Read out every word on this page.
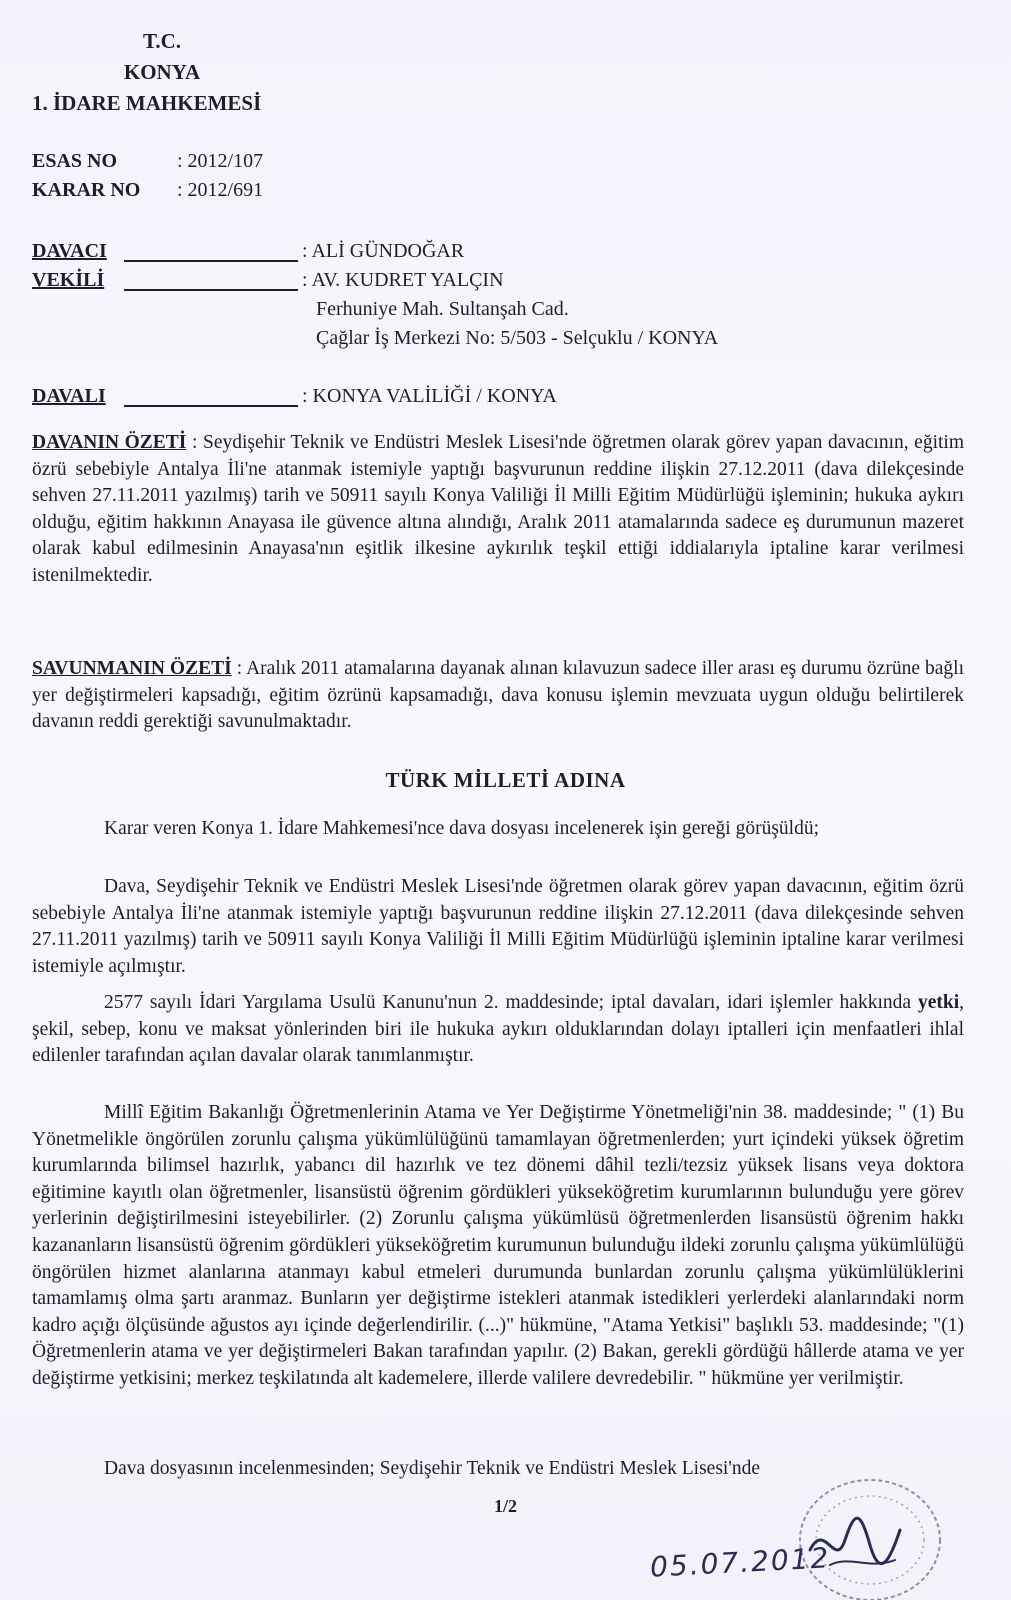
T.C.
KONYA
1. İDARE MAHKEMESİ
ESAS NO	: 2012/107
KARAR NO	: 2012/691
DAVACI	: ALİ GÜNDOĞAR
VEKİLİ	: AV. KUDRET YALÇIN
Ferhuniye Mah. Sultanşah Cad.
Çağlar İş Merkezi No: 5/503 - Selçuklu / KONYA
DAVALI	: KONYA VALİLİĞİ / KONYA

DAVANIN ÖZETİ : Seydişehir Teknik ve Endüstri Meslek Lisesi'nde öğretmen olarak görev yapan davacının, eğitim özrü sebebiyle Antalya İli'ne atanmak istemiyle yaptığı başvurunun reddine ilişkin 27.12.2011 (dava dilekçesinde sehven 27.11.2011 yazılmış) tarih ve 50911 sayılı Konya Valiliği İl Milli Eğitim Müdürlüğü işleminin; hukuka aykırı olduğu, eğitim hakkının Anayasa ile güvence altına alındığı, Aralık 2011 atamalarında sadece eş durumunun mazeret olarak kabul edilmesinin Anayasa'nın eşitlik ilkesine aykırılık teşkil ettiği iddialarıyla iptaline karar verilmesi istenilmektedir.

SAVUNMANIN ÖZETİ : Aralık 2011 atamalarına dayanak alınan kılavuzun sadece iller arası eş durumu özrüne bağlı yer değiştirmeleri kapsadığı, eğitim özrünü kapsamadığı, dava konusu işlemin mevzuata uygun olduğu belirtilerek davanın reddi gerektiği savunulmaktadır.

TÜRK MİLLETİ ADINA

Karar veren Konya 1. İdare Mahkemesi'nce dava dosyası incelenerek işin gereği görüşüldü;

Dava, Seydişehir Teknik ve Endüstri Meslek Lisesi'nde öğretmen olarak görev yapan davacının, eğitim özrü sebebiyle Antalya İli'ne atanmak istemiyle yaptığı başvurunun reddine ilişkin 27.12.2011 (dava dilekçesinde sehven 27.11.2011 yazılmış) tarih ve 50911 sayılı Konya Valiliği İl Milli Eğitim Müdürlüğü işleminin iptaline karar verilmesi istemiyle açılmıştır.

2577 sayılı İdari Yargılama Usulü Kanunu'nun 2. maddesinde; iptal davaları, idari işlemler hakkında yetki, şekil, sebep, konu ve maksat yönlerinden biri ile hukuka aykırı olduklarından dolayı iptalleri için menfaatleri ihlal edilenler tarafından açılan davalar olarak tanımlanmıştır.

Millî Eğitim Bakanlığı Öğretmenlerinin Atama ve Yer Değiştirme Yönetmeliği'nin 38. maddesinde; " (1) Bu Yönetmelikle öngörülen zorunlu çalışma yükümlülüğünü tamamlayan öğretmenlerden; yurt içindeki yüksek öğretim kurumlarında bilimsel hazırlık, yabancı dil hazırlık ve tez dönemi dâhil tezli/tezsiz yüksek lisans veya doktora eğitimine kayıtlı olan öğretmenler, lisansüstü öğrenim gördükleri yükseköğretim kurumlarının bulunduğu yere görev yerlerinin değiştirilmesini isteyebilirler. (2) Zorunlu çalışma yükümlüsü öğretmenlerden lisansüstü öğrenim hakkı kazananların lisansüstü öğrenim gördükleri yükseköğretim kurumunun bulunduğu ildeki zorunlu çalışma yükümlülüğü öngörülen hizmet alanlarına atanmayı kabul etmeleri durumunda bunlardan zorunlu çalışma yükümlülüklerini tamamlamış olma şartı aranmaz. Bunların yer değiştirme istekleri atanmak istedikleri yerlerdeki alanlarındaki norm kadro açığı ölçüsünde ağustos ayı içinde değerlendirilir. (...)" hükmüne, "Atama Yetkisi" başlıklı 53. maddesinde; "(1) Öğretmenlerin atama ve yer değiştirmeleri Bakan tarafından yapılır. (2) Bakan, gerekli gördüğü hâllerde atama ve yer değiştirme yetkisini; merkez teşkilatında alt kademelere, illerde valilere devredebilir. " hükmüne yer verilmiştir.

Dava dosyasının incelenmesinden; Seydişehir Teknik ve Endüstri Meslek Lisesi'nde

1/2
05.07.2012
